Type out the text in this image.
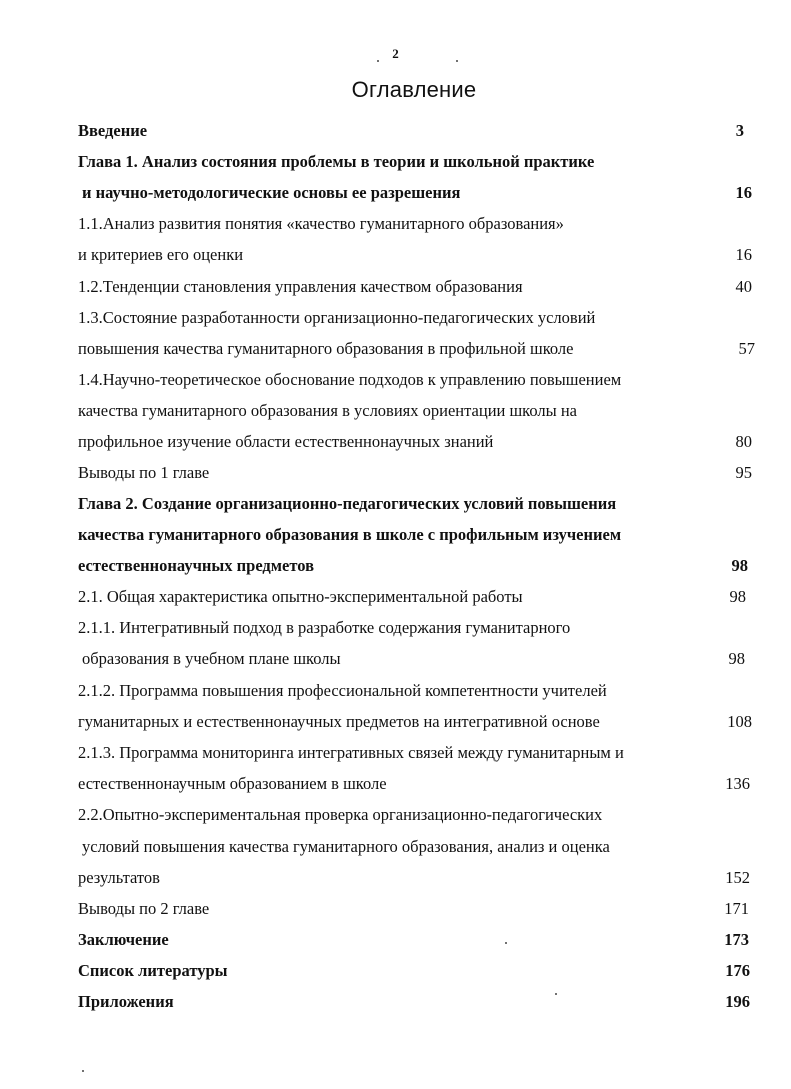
2
Оглавление
Введение	3
Глава 1. Анализ состояния проблемы в теории и школьной практике
и научно-методологические основы ее разрешения	16
1.1.Анализ развития понятия «качество гуманитарного образования»
и критериев его оценки	16
1.2.Тенденции становления управления качеством образования	40
1.3.Состояние разработанности организационно-педагогических условий
повышения качества гуманитарного образования в профильной школе	57
1.4.Научно-теоретическое обоснование подходов к управлению повышением
качества гуманитарного образования в условиях ориентации школы на
профильное изучение области естественнонаучных знаний	80
Выводы по 1 главе	95
Глава 2. Создание организационно-педагогических условий повышения
качества гуманитарного образования в школе с профильным изучением
естественнонаучных предметов	98
2.1. Общая характеристика опытно-экспериментальной работы	98
2.1.1. Интегративный подход в разработке содержания гуманитарного
образования в учебном плане школы	98
2.1.2. Программа повышения профессиональной компетентности учителей
гуманитарных и естественнонаучных предметов на интегративной основе	108
2.1.3. Программа мониторинга интегративных связей между гуманитарным и
естественнонаучным образованием в школе	136
2.2.Опытно-экспериментальная проверка организационно-педагогических
условий повышения качества гуманитарного образования, анализ и оценка
результатов	152
Выводы по 2 главе	171
Заключение	173
Список литературы	176
Приложения	196
